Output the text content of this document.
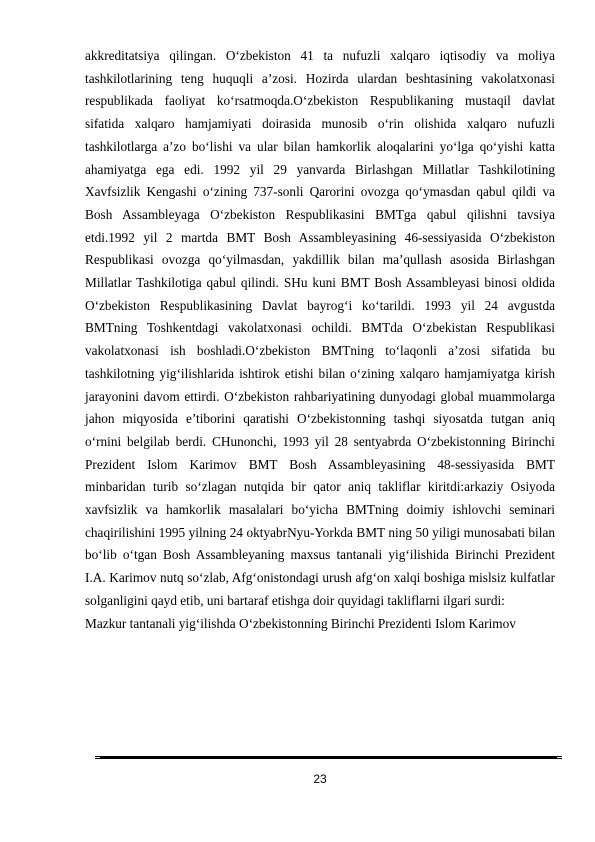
akkreditatsiya qilingan. O‘zbekiston 41 ta nufuzli xalqaro iqtisodiy va moliya tashkilotlarining teng huquqli a’zosi. Hozirda ulardan beshtasining vakolatxonasi respublikada faoliyat ko‘rsatmoqda.O‘zbekiston Respublikaning mustaqil davlat sifatida xalqaro hamjamiyati doirasida munosib o‘rin olishida xalqaro nufuzli tashkilotlarga a’zo bo‘lishi va ular bilan hamkorlik aloqalarini yo‘lga qo‘yishi katta ahamiyatga ega edi. 1992 yil 29 yanvarda Birlashgan Millatlar Tashkilotining Xavfsizlik Kengashi o‘zining 737-sonli Qarorini ovozga qo‘ymasdan qabul qildi va Bosh Assambleyaga O‘zbekiston Respublikasini BMTga qabul qilishni tavsiya etdi.1992 yil 2 martda BMT Bosh Assambleyasining 46-sessiyasida O‘zbekiston Respublikasi ovozga qo‘yilmasdan, yakdillik bilan ma’qullash asosida Birlashgan Millatlar Tashkilotiga qabul qilindi. SHu kuni BMT Bosh Assambleyasi binosi oldida O‘zbekiston Respublikasining Davlat bayrog‘i ko‘tarildi. 1993 yil 24 avgustda BMTning Toshkentdagi vakolatxonasi ochildi. BMTda O‘zbekistan Respublikasi vakolatxonasi ish boshladi.O‘zbekiston BMTning to‘laqonli a’zosi sifatida bu tashkilotning yig‘ilishlarida ishtirok etishi bilan o‘zining xalqaro hamjamiyatga kirish jarayonini davom ettirdi. O‘zbekiston rahbariyatining dunyodagi global muammolarga jahon miqyosida e’tiborini qaratishi O‘zbekistonning tashqi siyosatda tutgan aniq o‘rnini belgilab berdi. CHunonchi, 1993 yil 28 sentyabrda O‘zbekistonning Birinchi Prezident Islom Karimov BMT Bosh Assambleyasining 48-sessiyasida BMT minbaridan turib so‘zlagan nutqida bir qator aniq takliflar kiritdi:arkaziy Osiyoda xavfsizlik va hamkorlik masalalari bo‘yicha BMTning doimiy ishlovchi seminari chaqirilishini 1995 yilning 24 oktyabrNyu-Yorkda BMT ning 50 yiligi munosabati bilan bo‘lib o‘tgan Bosh Assambleyaning maxsus tantanali yig‘ilishida Birinchi Prezident I.A. Karimov nutq so‘zlab, Afg‘onistondagi urush afg‘on xalqi boshiga mislsiz kulfatlar solganligini qayd etib, uni bartaraf etishga doir quyidagi takliflarni ilgari surdi:

Mazkur tantanali yig‘ilishda O‘zbekistonning Birinchi Prezidenti Islom Karimov

23
